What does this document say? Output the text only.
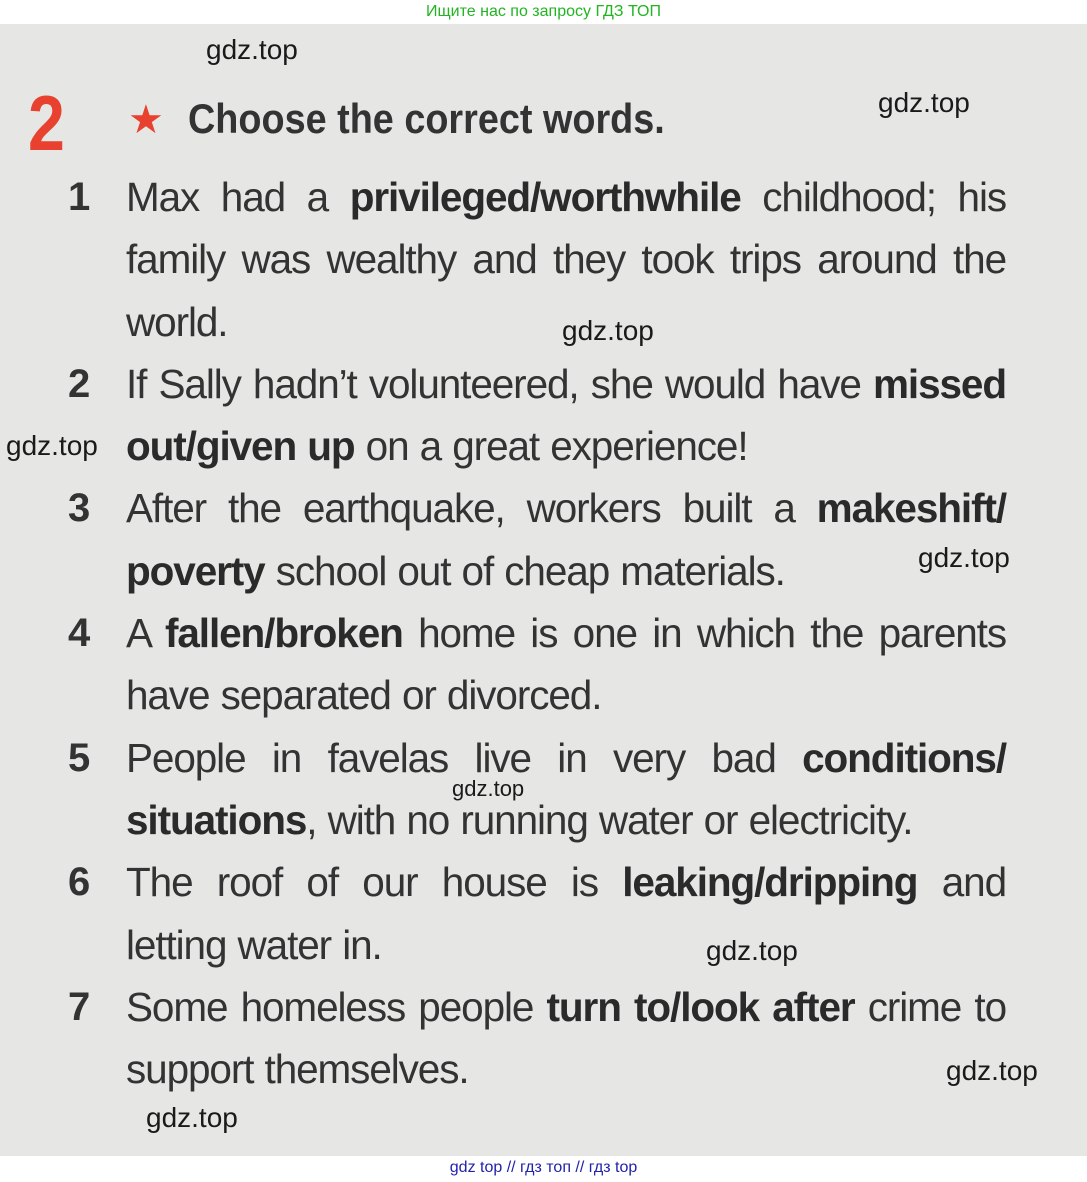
Ищите нас по запросу ГДЗ ТОП

2 ★ Choose the correct words.
1 Max had a privileged/worthwhile childhood; his family was wealthy and they took trips around the world.
2 If Sally hadn’t volunteered, she would have missed out/given up on a great experience!
3 After the earthquake, workers built a makeshift/ poverty school out of cheap materials.
4 A fallen/broken home is one in which the parents have separated or divorced.
5 People in favelas live in very bad conditions/ situations, with no running water or electricity.
6 The roof of our house is leaking/dripping and letting water in.
7 Some homeless people turn to/look after crime to support themselves.
gdz.top
gdz.top
gdz.top
gdz.top
gdz.top
gdz.top
gdz.top
gdz.top
gdz.top
gdz top // гдз топ // гдз top
